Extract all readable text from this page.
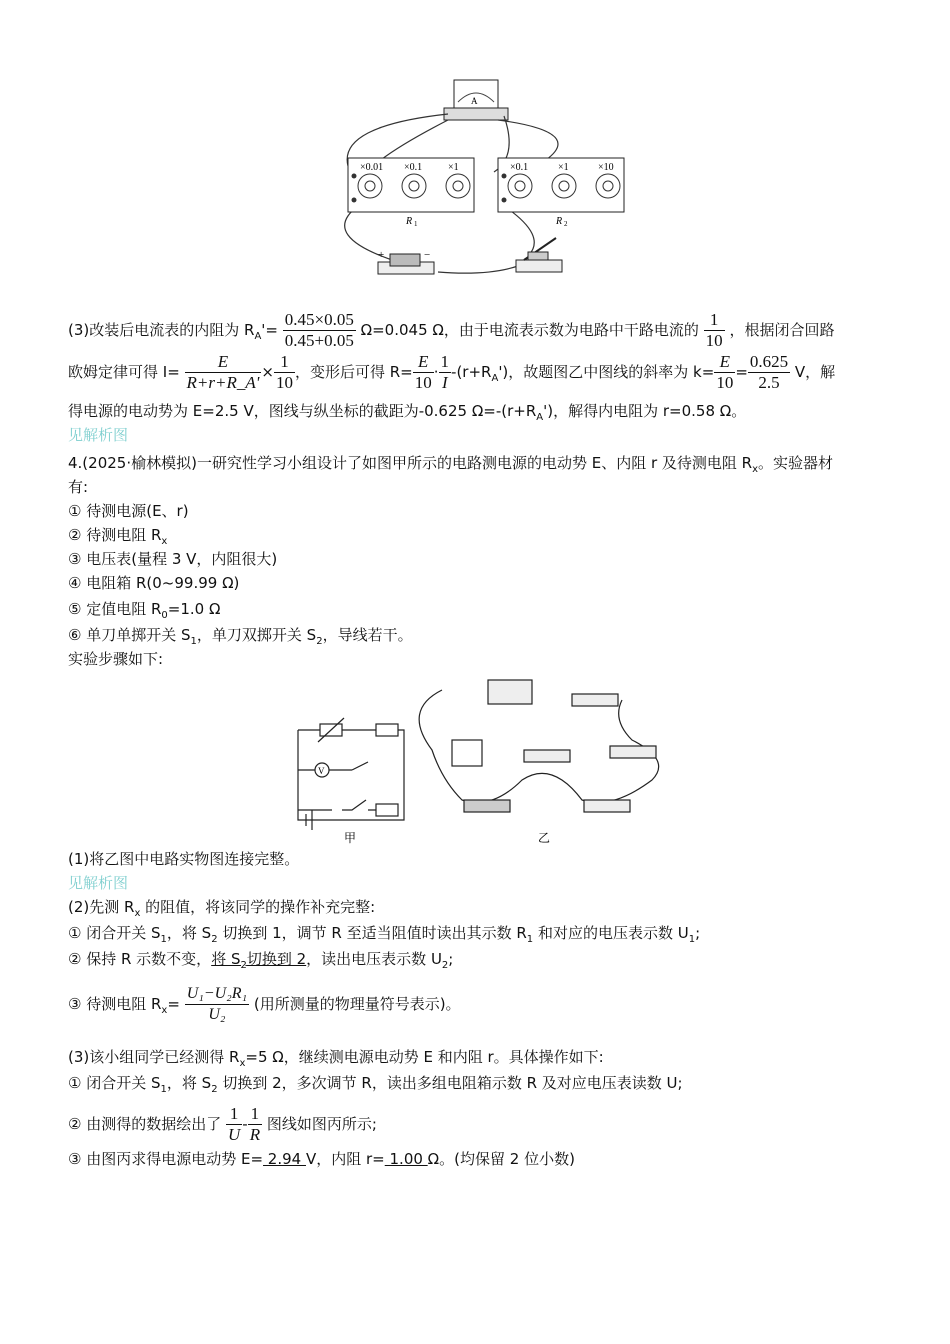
A
×0.01 ×0.1	×1
R 1
×0.1	×1	×10
R 2
+	−
(3)改装后电流表的内阻为 $R_A'= \frac{0.45\times 0.05}{0.45+0.05} \Omega=0.045$ Ω，由于电流表示数为电路中干路电流的 $\frac{1}{10}$ ，根据闭合回路
欧姆定律可得 $I= \frac{E}{R+r+R\_A'} \times \frac{1}{10}$ ，变形后可得 $R= \frac{E}{10} \cdot \frac{1}{I} -(r+R_A')$，故题图乙中图线的斜率为 $k= \frac{E}{10} = \frac{0.625}{2.5}$ V，解
得电源的电动势为 E=2.5 V，图线与纵坐标的截距为-0.625 $\Omega=-(r+R_A')$，解得内电阻为 r=0.58 Ω。
见解析图
4.(2025·榆林模拟)一研究性学习小组设计了如图甲所示的电路测电源的电动势 E、内阻 r 及待测电阻 $R_x$。实验器材
有:
① 待测电源(E、r)
② 待测电阻 $R_x$
③ 电压表(量程 3 V，内阻很大)
④ 电阻箱 R(0~99.99 Ω)
⑤ 定值电阻 $R_0=1.0$ Ω
⑥ 单刀单掷开关 $S_1$，单刀双掷开关 $S_2$，导线若干。
实验步骤如下:
V
甲	乙
(1)将乙图中电路实物图连接完整。
见解析图
(2)先测 $R_x$ 的阻值，将该同学的操作补充完整:
① 闭合开关 $S_1$，将 $S_2$ 切换到 1，调节 R 至适当阻值时读出其示数 $R_1$ 和对应的电压表示数 $U_1$;
② 保持 R 示数不变，将 $S_2$切换到 2，读出电压表示数 $U_2$;
③ 待测电阻 $R_x= \frac{\text{U₁−U₂R₁}}{\text{U₂}}$ (用所测量的物理量符号表示)。
(3)该小组同学已经测得 $R_x=5$ Ω，继续测电源电动势 E 和内阻 r。具体操作如下:
① 闭合开关 $S_1$，将 $S_2$ 切换到 2，多次调节 R，读出多组电阻箱示数 R 及对应电压表读数 U;
② 由测得的数据绘出了 $\frac{1}{U} - \frac{1}{R}$ 图线如图丙所示;
③ 由图丙求得电源电动势 E= 2.94 V，内阻 r= 1.00 Ω。(均保留 2 位小数)
